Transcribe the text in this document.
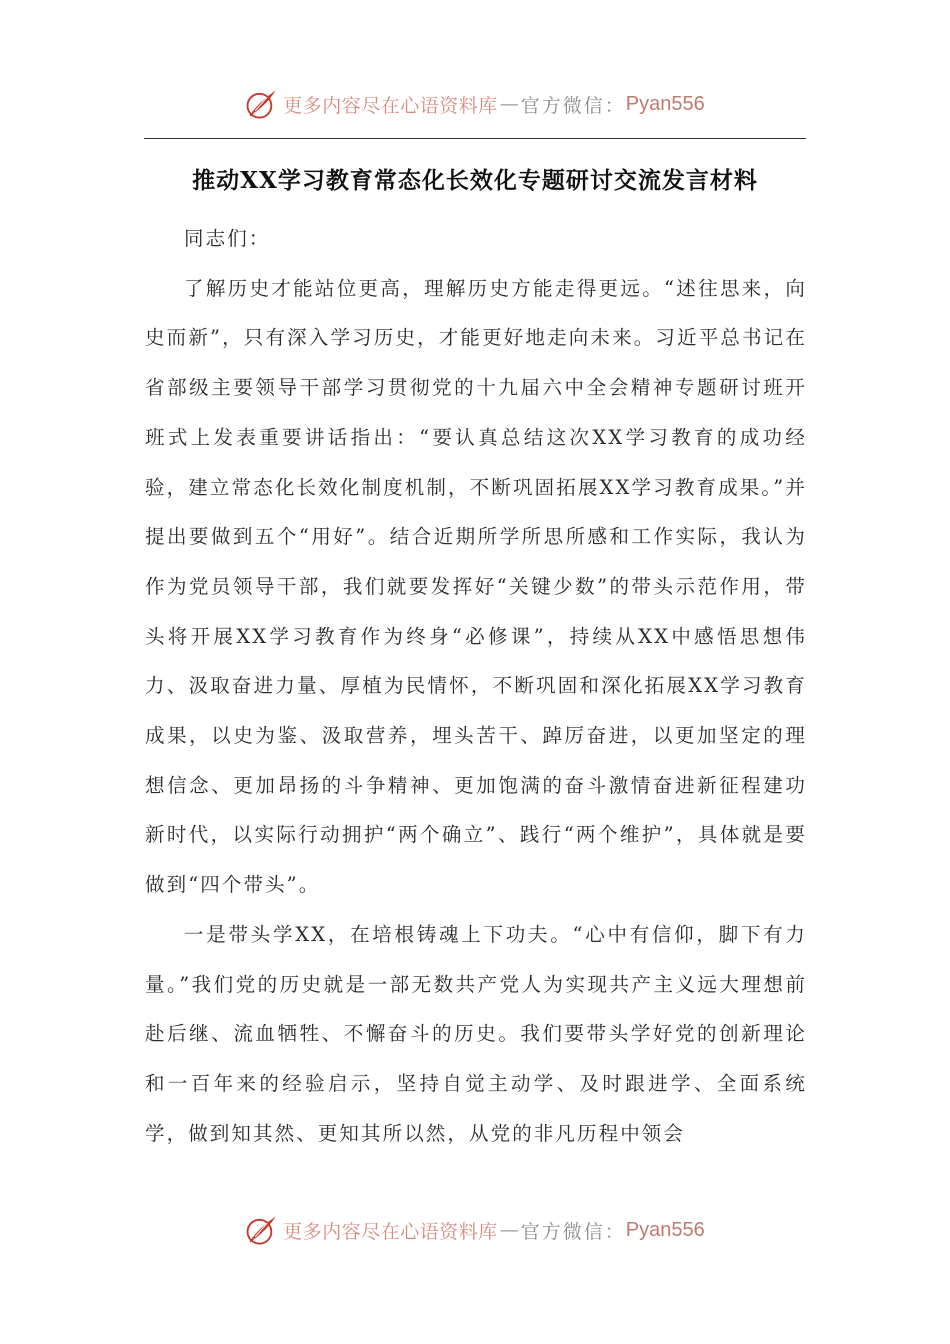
更多内容尽在心语资料库 — 官方微信： Pyan556
推动XX学习教育常态化长效化专题研讨交流发言材料

同志们：

了解历史才能站位更高，理解历史方能走得更远。“述往思来，向史而新”，只有深入学习历史，才能更好地走向未来。习近平总书记在省部级主要领导干部学习贯彻党的十九届六中全会精神专题研讨班开班式上发表重要讲话指出：“要认真总结这次XX学习教育的成功经验，建立常态化长效化制度机制，不断巩固拓展XX学习教育成果。”并提出要做到五个“用好”。结合近期所学所思所感和工作实际，我认为作为党员领导干部，我们就要发挥好“关键少数”的带头示范作用，带头将开展XX学习教育作为终身“必修课”，持续从XX中感悟思想伟力、汲取奋进力量、厚植为民情怀，不断巩固和深化拓展XX学习教育成果，以史为鉴、汲取营养，埋头苦干、踔厉奋进，以更加坚定的理想信念、更加昂扬的斗争精神、更加饱满的奋斗激情奋进新征程建功新时代，以实际行动拥护“两个确立”、践行“两个维护”，具体就是要做到“四个带头”。

一是带头学XX，在培根铸魂上下功夫。“心中有信仰，脚下有力量。”我们党的历史就是一部无数共产党人为实现共产主义远大理想前赴后继、流血牺牲、不懈奋斗的历史。我们要带头学好党的创新理论和一百年来的经验启示，坚持自觉主动学、及时跟进学、全面系统学，做到知其然、更知其所以然，从党的非凡历程中领会

更多内容尽在心语资料库 — 官方微信： Pyan556
